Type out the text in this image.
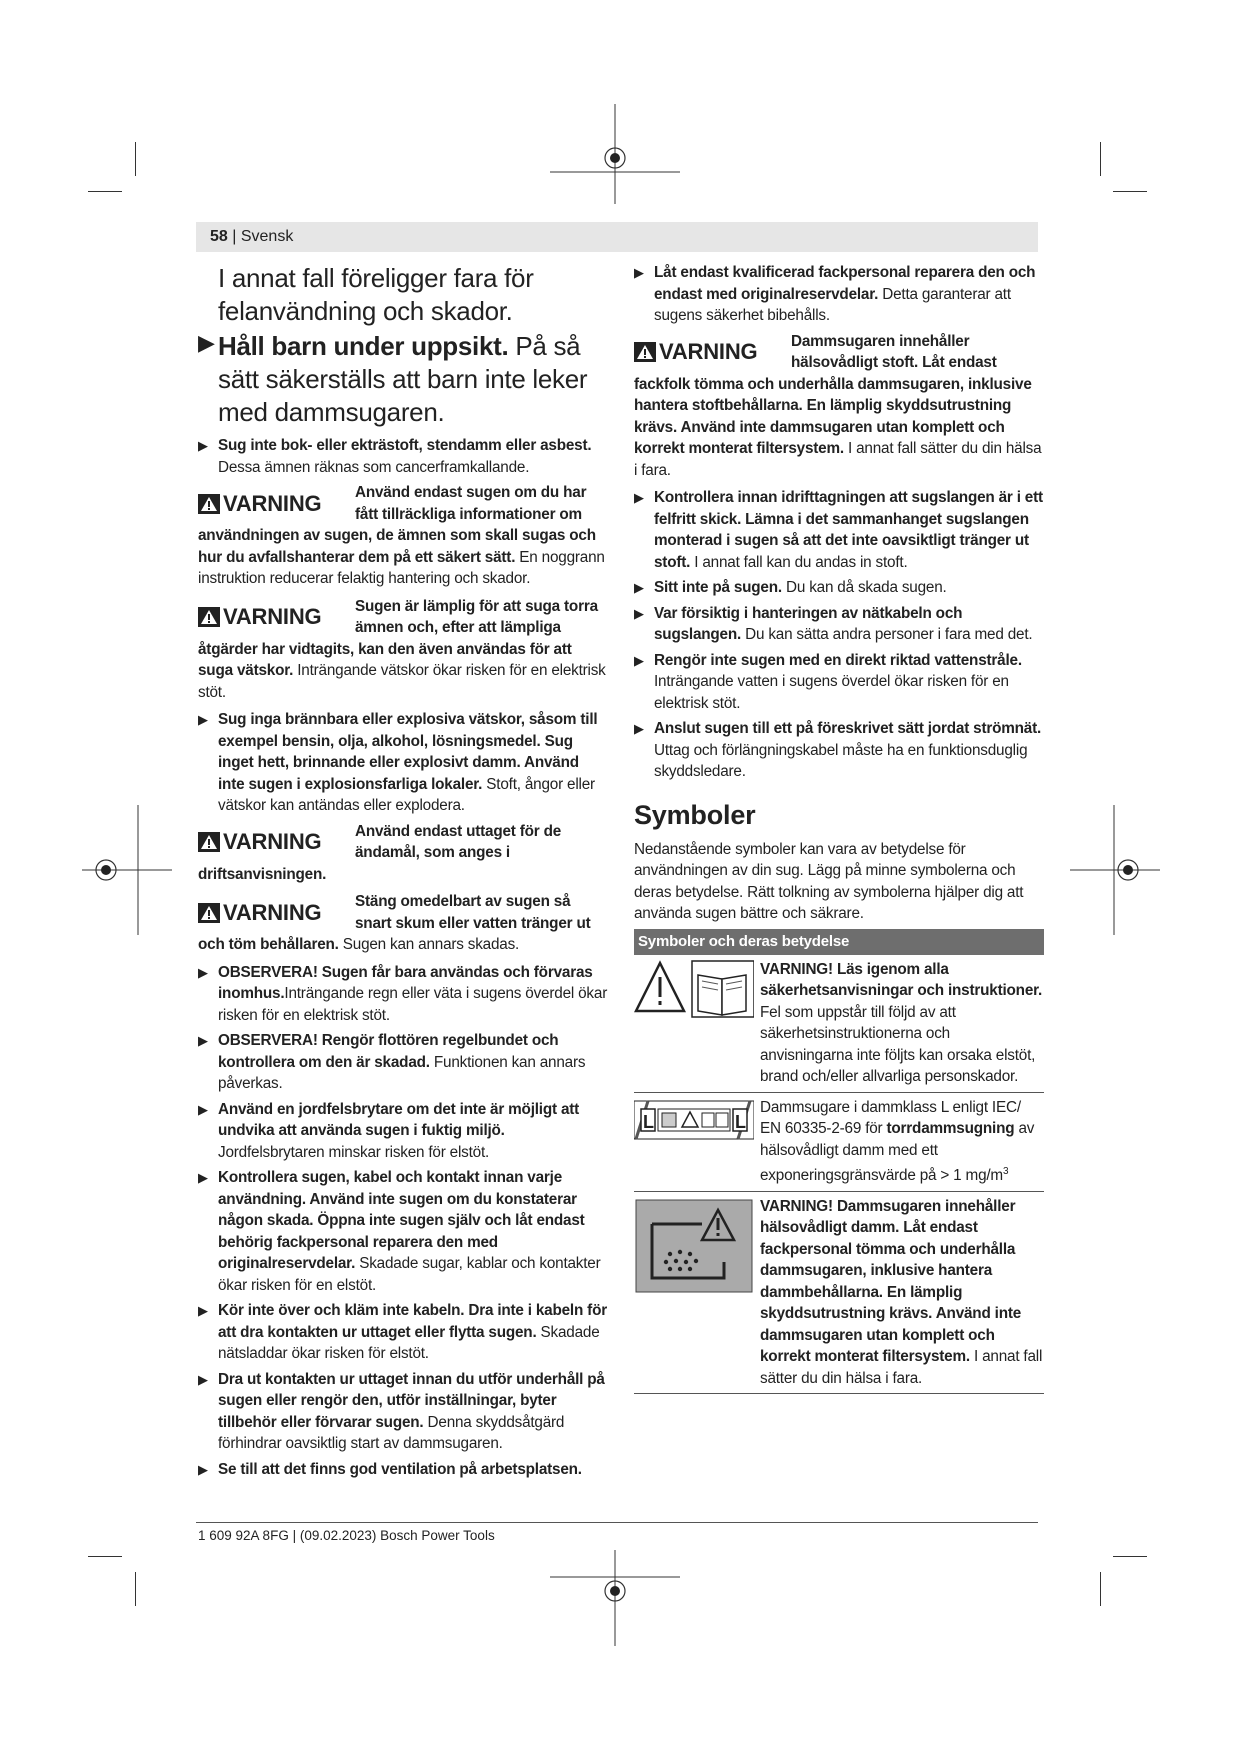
58 | Svensk

I annat fall föreligger fara för felanvändning och skador.

▶ Håll barn under uppsikt. På så sätt säkerställs att barn inte leker med dammsugaren.
▶ Sug inte bok- eller ekträstoft, stendamm eller asbest.
Dessa ämnen räknas som cancerframkallande.
VARNING Använd endast sugen om du har fått tillräckliga informationer om

användningen av sugen, de ämnen som skall sugas och hur du avfallshanterar dem på ett säkert sätt. En noggrann instruktion reducerar felaktig hantering och skador.

VARNING Sugen är lämplig för att suga torra ämnen och, efter att lämpliga

åtgärder har vidtagits, kan den även användas för att suga vätskor. Inträngande vätskor ökar risken för en elektrisk stöt.

▶ Sug inga brännbara eller explosiva vätskor, såsom till exempel bensin, olja, alkohol, lösningsmedel. Sug inget hett, brinnande eller explosivt damm. Använd inte sugen i explosionsfarliga lokaler. Stoft, ångor eller vätskor kan antändas eller explodera.
VARNING Använd endast uttaget för de ändamål, som anges i

driftsanvisningen.

VARNING Stäng omedelbart av sugen så snart skum eller vatten tränger ut

och töm behållaren. Sugen kan annars skadas.

▶ OBSERVERA! Sugen får bara användas och förvaras inomhus.Inträngande regn eller väta i sugens överdel ökar risken för en elektrisk stöt.
▶ OBSERVERA! Rengör flottören regelbundet och kontrollera om den är skadad. Funktionen kan annars påverkas.
▶ Använd en jordfelsbrytare om det inte är möjligt att undvika att använda sugen i fuktig miljö. Jordfelsbrytaren minskar risken för elstöt.
▶ Kontrollera sugen, kabel och kontakt innan varje användning. Använd inte sugen om du konstaterar någon skada. Öppna inte sugen själv och låt endast behörig fackpersonal reparera den med originalreservdelar. Skadade sugar, kablar och kontakter ökar risken för en elstöt.
▶ Kör inte över och kläm inte kabeln. Dra inte i kabeln för att dra kontakten ur uttaget eller flytta sugen. Skadade nätsladdar ökar risken för elstöt.
▶ Dra ut kontakten ur uttaget innan du utför underhåll på sugen eller rengör den, utför inställningar, byter tillbehör eller förvarar sugen. Denna skyddsåtgärd förhindrar oavsiktlig start av dammsugaren.
▶ Se till att det finns god ventilation på arbetsplatsen.
▶ Låt endast kvalificerad fackpersonal reparera den och endast med originalreservdelar. Detta garanterar att sugens säkerhet bibehålls.
VARNING Dammsugaren innehåller hälsovådligt stoft. Låt endast

fackfolk tömma och underhålla dammsugaren, inklusive hantera stoftbehållarna. En lämplig skyddsutrustning krävs. Använd inte dammsugaren utan komplett och korrekt monterat filtersystem. I annat fall sätter du din hälsa i fara.

▶ Kontrollera innan idrifttagningen att sugslangen är i ett felfritt skick. Lämna i det sammanhanget sugslangen monterad i sugen så att det inte oavsiktligt tränger ut stoft. I annat fall kan du andas in stoft.
▶ Sitt inte på sugen. Du kan då skada sugen.
▶ Var försiktig i hanteringen av nätkabeln och sugslangen. Du kan sätta andra personer i fara med det.
▶ Rengör inte sugen med en direkt riktad vattenstråle. Inträngande vatten i sugens överdel ökar risken för en elektrisk stöt.
▶ Anslut sugen till ett på föreskrivet sätt jordat strömnät. Uttag och förlängningskabel måste ha en funktionsduglig skyddsledare.
Symboler

Nedanstående symboler kan vara av betydelse för användningen av din sug. Lägg på minne symbolerna och deras betydelse. Rätt tolkning av symbolerna hjälper dig att använda sugen bättre och säkrare.

Symboler och deras betydelse
VARNING! Läs igenom alla säkerhetsanvisningar och instruktioner. Fel som uppstår till följd av att säkerhetsinstruktionerna och anvisningarna inte följts kan orsaka elstöt, brand och/eller allvarliga personskador.
L	L
Dammsugare i dammklass L enligt IEC/ EN 60335-2-69 för torrdammsugning av hälsovådligt damm med ett exponeringsgränsvärde på > 1 $mg/m^3$
VARNING! Dammsugaren innehåller hälsovådligt damm. Låt endast fackpersonal tömma och underhålla dammsugaren, inklusive hantera dammbehållarna. En lämplig skyddsutrustning krävs. Använd inte dammsugaren utan komplett och korrekt monterat filtersystem. I annat fall sätter du din hälsa i fara.
1 609 92A 8FG | (09.02.2023) Bosch Power Tools
